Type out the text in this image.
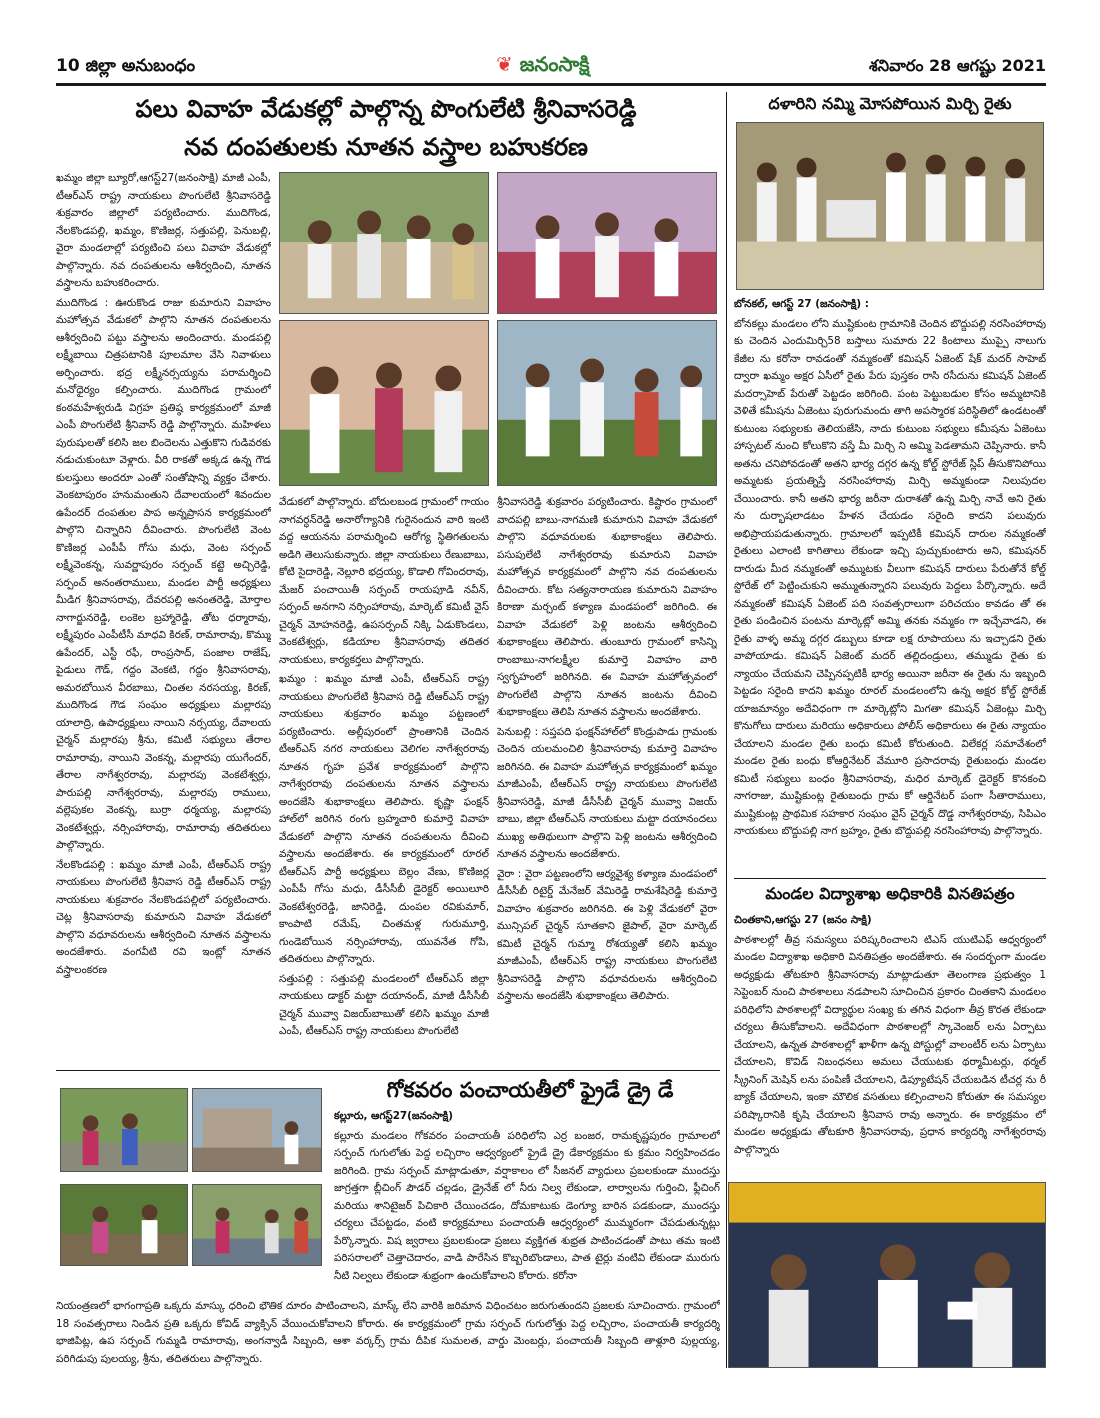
10 జిల్లా అనుబంధం	❦ జనంసాక్షి	శనివారం 28 ఆగష్టు 2021
పలు వివాహ వేడుకల్లో పాల్గొన్న పొంగులేటి శ్రీనివాసరెడ్డి
నవ దంపతులకు నూతన వస్త్రాల బహుకరణ

ఖమ్మం జిల్లా బ్యూరో,ఆగస్ట్27(జనంసాక్షి) మాజీ ఎంపీ, టీఆర్ఎస్ రాష్ట్ర నాయకులు పొంగులేటి శ్రీనివాసరెడ్డి శుక్రవారం జిల్లాలో పర్యటించారు. ముదిగొండ, నేలకొండపల్లి, ఖమ్మం, కొణిజర్ల, సత్తుపల్లి, పెనుబల్లి, వైరా మండలాల్లో పర్యటించి పలు వివాహ వేడుకల్లో పాల్గొన్నారు. నవ దంపతులను ఆశీర్వదించి, నూతన వస్త్రాలను బహుకరించారు.

ముదిగొండ : ఊరుకొండ రాజు కుమారుని వివాహం మహోత్సవ వేడుకలో పాల్గొని నూతన దంపతులను ఆశీర్వదించి పట్టు వస్త్రాలను అందించారు. మండపల్లి లక్ష్మీబాయి చిత్రపటానికి పూలమాల వేసి నివాళులు అర్పించారు. భద్ర లక్ష్మీనర్సయ్యను పరామర్శించి మనోధైర్యం కల్పించారు. ముదిగొండ గ్రామంలో కంఠమహేశ్వరుడి విగ్రహ ప్రతిష్ఠ కార్యక్రమంలో మాజీ ఎంపీ పొంగులేటి శ్రీనివాస్ రెడ్డి పాల్గొన్నారు. మహిళలు పురుషులతో కలిసి జల బిందెలను ఎత్తుకొని గుడివరకు నడుచుకుంటూ వెళ్లారు. వీరి రాకతో అక్కడ ఉన్న గౌడ కులస్తులు అందరూ ఎంతో సంతోషాన్ని వ్యక్తం చేశారు. వెంకటాపురం హనుమంతుని దేవాలయంలో శివందుల ఉపేందర్ దంపతుల పాప అన్నప్రాసన కార్యక్రమంలో పాల్గొని చిన్నారిని దీవించారు. పొంగులేటి వెంట కొణిజర్ల ఎంపీపీ గోసు మధు, వెంట సర్పంచ్ లక్ష్మీవెంకన్న, సువర్ణాపురం సర్పంచ్ కట్టె అచ్చిరెడ్డి, సర్పంచ్ అనంతరాములు, మండల పార్టీ అధ్యక్షులు మీడిగ శ్రీనివాసరావు, దేవరపల్లి అనంతరెడ్డి, మోర్తాల నాగార్జునరెడ్డి, లంకెల బ్రహ్మారెడ్డి, తోట ధర్మారావు, లక్ష్మీపురం ఎంపీటీసీ మాధవి కిరణ్, రామారావు, కొమ్ము ఉపేందర్, ఎస్టీ రఫీ, రాంప్రసాద్, పంజాల రాజేష్, పైడులు గౌడ్, గద్దం వెంకటి, గద్దం శ్రీనివాసరావు, అమరబోయిన వీరబాబు, చింతల నరసయ్య, కిరణ్, ముదిగొండ గౌడ సంఘం అధ్యక్షులు మల్లారపు యాలాద్రి, ఉపాధ్యక్షులు నాయిని నర్సయ్య, దేవాలయ చైర్మన్ మల్లారపు శ్రీను, కమిటీ సభ్యులు తేరాల రామారావు, నాయిని వెంకన్న, మల్లారపు యుగేందర్, తేరాల నాగేశ్వరరావు, మల్లారపు వెంకటేశ్వర్లు, పారుపల్లి నాగేశ్వరరావు, మల్లారపు రాములు, వల్లెపుకల వెంకన్న, బుర్రా ధర్మయ్య, మల్లారపు వెంకటేశ్వర్లు, నర్సింహారావు, రామారావు తదితరులు పాల్గొన్నారు.

నేలకొండపల్లి : ఖమ్మం మాజీ ఎంపీ, టీఆర్ఎస్ రాష్ట్ర నాయకులు పొంగులేటి శ్రీనివాస రెడ్డి టీఆర్ఎస్ రాష్ట్ర నాయకులు శుక్రవారం నేలకొండపల్లిలో పర్యటించారు. చెట్ల శ్రీనివాసరావు కుమారుని వివాహ వేడుకలో పాల్గొని వధూవరులను ఆశీర్వదించి నూతన వస్త్రాలను అందజేశారు. వంగవీటి రవి ఇంట్లో నూతన వస్త్రాలంకరణ

వేడుకలో పాల్గొన్నారు. బోదులబండ గ్రామంలో గాయం నాగవర్ధన్‌రెడ్డి అనారోగ్యానికి గురైనందున వారి ఇంటి వద్ద ఆయనను పరామర్శించి ఆరోగ్య స్థితిగతులను అడిగి తెలుసుకున్నారు. జిల్లా నాయకులు రేణుబాబు, కోటి సైదారెడ్డి, నెల్లూరి భద్రయ్య, కొడాలి గోవిందరావు, మేజర్ పంచాయితీ సర్పంచ్ రాయపూడి నవీన్, సర్పంచ్ అనగాని నర్సింహారావు, మార్కెట్ కమిటీ వైస్ చైర్మన్ మోహనరెడ్డి, ఉపసర్పంచ్ నిక్కి ఏడుకొండలు, వెంకటేశ్వర్లు, కడియాల శ్రీనివాసరావు తదితర నాయకులు, కార్యకర్తలు పాల్గొన్నారు.

ఖమ్మం : ఖమ్మం మాజీ ఎంపీ, టీఆర్ఎస్ రాష్ట్ర నాయకులు పొంగులేటి శ్రీనివాస రెడ్డి టీఆర్ఎస్ రాష్ట్ర నాయకులు శుక్రవారం ఖమ్మం పట్టణంలో పర్యటించారు. అల్లీపురంలో ప్రాంతానికి చెందిన టీఆర్ఎస్ నగర నాయకులు వెలిగల నాగేశ్వరరావు నూతన గృహ ప్రవేశ కార్యక్రమంలో పాల్గొని నాగేశ్వరరావు దంపతులను నూతన వస్త్రాలను అందజేసి శుభాకాంక్షలు తెలిపారు. కృష్ణా ఫంక్షన్ హాల్‌లో జరిగిన రంగు బ్రహ్మచారి కుమార్తె వివాహ వేడుకలో పాల్గొని నూతన దంపతులను దీవించి వస్త్రాలను అందజేశారు. ఈ కార్యక్రమంలో రూరల్ టీఆర్ఎస్ పార్టీ అధ్యక్షులు బెల్లం వేణు, కొణిజర్ల ఎంపీపీ గోసు మధు, డీసీసీబీ డైరెక్టర్ అయిలూరి వెంకటేశ్వరరెడ్డి, జానిరెడ్డి, దుంపల రవికుమార్, కాంపాటి రమేష్, చింతమళ్ల గురుమూర్తి, గుండెబోయిన నర్సింహారావు, యువనేత గోపి, తదితరులు పాల్గొన్నారు.

సత్తుపల్లి : సత్తుపల్లి మండలంలో టీఆర్ఎస్ జిల్లా నాయకులు డాక్టర్ మట్టా దయానంద్, మాజీ డీసీసీబీ చైర్మన్ మువ్వా విజయ్‌బాబుతో కలిసి ఖమ్మం మాజీ ఎంపీ, టీఆర్ఎస్ రాష్ట్ర నాయకులు పొంగులేటి

శ్రీనివాసరెడ్డి శుక్రవారం పర్యటించారు. కిష్టారం గ్రామంలో వాదపల్లి బాబు-నాగమణి కుమారుని వివాహ వేడుకలో పాల్గొని వధూవరులకు శుభాకాంక్షలు తెలిపారు. పసుపులేటి నాగేశ్వరరావు కుమారుని వివాహ మహోత్సవ కార్యక్రమంలో పాల్గొని నవ దంపతులను దీవించారు. కోట సత్యనారాయణ కుమారుని వివాహం కిరాణా మర్చంట్ కళ్యాణ మండపంలో జరిగింది. ఈ వివాహ వేడుకలో పెళ్లి జంటను ఆశీర్వదించి శుభాకాంక్షలు తెలిపారు. తుంబూరు గ్రామంలో కాసిన్ని రాంబాబు-నాగలక్ష్మీల కుమార్తె వివాహం వారి స్వగృహంలో జరిగినది. ఈ వివాహ మహోత్సవంలో పొంగులేటి పాల్గొని నూతన జంటను దీవించి శుభాకాంక్షలు తెలిపి నూతన వస్త్రాలను అందజేశారు.

పెనుబల్లి : సప్తపది ఫంక్షన్‌హాల్‌లో కొండ్రుపాడు గ్రామంకు చెందిన యలమంచిలి శ్రీనివాసరావు కుమార్తె వివాహం జరిగినది. ఈ వివాహ మహోత్సవ కార్యక్రమంలో ఖమ్మం మాజీఎంపీ, టీఆర్ఎస్ రాష్ట్ర నాయకులు పొంగులేటి శ్రీనివాసరెడ్డి, మాజీ డీసీసీబీ చైర్మన్ మువ్వా విజయ్ బాబు, జిల్లా టీఆర్ఎస్ నాయకులు మట్టా దయానందలు ముఖ్య అతిథులుగా పాల్గొని పెళ్లి జంటను ఆశీర్వదించి నూతన వస్త్రాలను అందజేశారు.

వైరా : వైరా పట్టణంలోని ఆర్యవైశ్య కళ్యాణ మండపంలో డీసీసీబీ రిటైర్డ్ మేనేజర్ వేమిరెడ్డి రామశేషిరెడ్డి కుమార్తె వివాహం శుక్రవారం జరిగినది. ఈ పెళ్లి వేడుకలో వైరా మున్సిపల్ చైర్మన్ సూతకాని జైపాల్, వైరా మార్కెట్ కమిటీ చైర్మన్ గుమ్మా రోశయ్యతో కలిసి ఖమ్మం మాజీఎంపీ, టీఆర్ఎస్ రాష్ట్ర నాయకులు పొంగులేటి శ్రీనివాసరెడ్డి పాల్గొని వధూవరులను ఆశీర్వదించి వస్త్రాలను అందజేసి శుభాకాంక్షలు తెలిపారు.

దళారిని నమ్మి మోసపోయిన మిర్చి రైతు

బోనకల్, ఆగస్ట్ 27 (జనంసాక్షి) :

బోనకల్లు మండలం లోని ముష్టికుంట గ్రామానికి చెందిన బొద్దుపల్లి నరసింహారావు కు చెందిన ఎందుమిర్చి58 బస్తాలు సుమారు 22 కింటాలు ముప్పై నాలుగు కేజీల ను కరోనా రావడంతో నమ్మకంతో కమిషన్ ఏజెంట్ షేక్ మదర్ సాహెబ్ ద్వారా ఖమ్మం అక్షర ఏసీలో రైతు పేరు పుస్తకం రాసి రసీదును కమిషన్ ఏజెంట్ మదర్సాహెబ్ పేరుతో పెట్టడం జరిగింది. పంట పెట్టుబడుల కోసం అమ్మటానికి వెళితే కమీషను ఏజెంటు పురుగుమందు తాగి అపస్మారక పరిస్థితిలో ఉండటంతో కుటుంబ సభ్యులకు తెలియజేసి, నాదు కుటుంబ సభ్యులు కమీషను ఏజెంటు హాస్పటల్ నుంచి కోలుకొని వస్తే మీ మిర్చి ని అమ్మి పెడతామని చెప్పినారు. కానీ అతను చనిపోవడంతో అతని భార్య దగ్గర ఉన్న కోల్డ్ స్టోరేజ్ స్లిప్ తీసుకొనిపోయి అమ్మటకు ప్రయత్నిస్తే నరసింహారావు మిర్చి అమ్మకుండా నిలుపుదల చేయించారు. కానీ అతని భార్య జరీనా దురాశతో ఉన్న మిర్చి నావే అని రైతు ను దుర్భాషలాడటం హేళన చేయడం సరైంది కాదని పలువురు అభిప్రాయపడుతున్నారు. గ్రామాలలో ఇప్పటికీ కమిషన్ దారుల నమ్మకంతో రైతులు ఎలాంటి కాగితాలు లేకుండా ఇచ్చి పుచ్చుకుంటారు అని, కమిషనర్ దారుడు మీద నమ్మకంతో అమ్ముటకు వీలుగా కమిషన్ దారులు పేరుతోనే కోల్డ్ స్టోరేజ్ లో పెట్టించుకుని అమ్ముతున్నారని పలువురు పెద్దలు పేర్కొన్నారు. అదే నమ్మకంతో కమిషన్ ఏజెంట్ పది సంవత్సరాలుగా పరిచయం కావడం తో ఈ రైతు పండించిన పంటను మార్కెట్లో అమ్మి తనకు నమ్మకం గా ఇచ్చేవాడని, ఈ రైతు వాళ్ళ అమ్మ దగ్గర డబ్బులు కూడా లక్ష రూపాయలు ను ఇచ్చాడని రైతు వాపోయాడు. కమిషన్ ఏజెంట్ మదర్ తల్లిదండ్రులు, తమ్ముడు రైతు కు న్యాయం చేయమని చెప్పినప్పటికీ భార్య అయినా జరీనా ఈ రైతు ను ఇబ్బంది పెట్టడం సరైంది కాదని ఖమ్మం రూరల్ మండలంలోని ఉన్న అక్షర కోల్డ్ స్టోరేజ్ యాజమాన్యం అదేవిధంగా గా మార్కెట్లోని మిగతా కమిషన్ ఏజెంట్లు మిర్చి కొనుగోలు దారులు మరియు అధికారులు పోలీస్ అధికారులు ఈ రైతు న్యాయం చేయాలని మండల రైతు బంధు కమిటీ కోరుతుంది. విలేకర్ల సమావేశంలో మండల రైతు బంధు కోఆర్డినేటర్ వేమూరి ప్రసాదరావు రైతుబంధు మండల కమిటీ సభ్యులు బంధం శ్రీనివాసరావు, మధిర మార్కెట్ డైరెక్టర్ కొనకంచి నాగరాజు, ముష్టికుంట్ల రైతుబంధు గ్రామ కో ఆర్డినేటర్ పంగా సీతారాములు, ముష్టికుంట్ల ప్రాథమిక సహకార సంఘం వైస్ చైర్మన్ దొడ్డ నాగేశ్వరరావు, సిపిఎం నాయకులు బొద్దుపల్లి నాగ బ్రహ్మం, రైతు బొద్దుపల్లి నరసింహారావు పాల్గొన్నారు.

మండల విద్యాశాఖ అధికారికి వినతిపత్రం

చింతకాని,ఆగస్టు 27 (జనం సాక్షి)

పాఠశాలల్లో తీవ్ర సమస్యలు పరిష్కరించాలని టిఎస్ యుటిఎఫ్ ఆధ్వర్యంలో మండల విద్యాశాఖ అధికారి వినతిపత్రం అందజేశారు. ఈ సందర్భంగా మండల అధ్యక్షుడు తోటకూరి శ్రీనివాసరావు మాట్లాడుతూ తెలంగాణ ప్రభుత్వం 1 సెప్టెంబర్ నుంచి పాఠశాలలు నడపాలని సూచించిన ప్రకారం చింతకాని మండలం పరిధిలోని పాఠశాలల్లో విద్యార్థుల సంఖ్య కు తగిన విధంగా తీవ్ర కొరత లేకుండా చర్యలు తీసుకోవాలని. అదేవిధంగా పాఠశాలల్లో స్కావెంజర్ లను ఏర్పాటు చేయాలని, ఉన్నత పాఠశాలల్లో ఖాళీగా ఉన్న పోస్టుల్లో వాలంటీర్ లను ఏర్పాటు చేయాలని, కొవిడ్ నిబంధనలు అమలు చేయుటకు థర్మామీటర్లు, థర్మల్ స్క్రీనింగ్ మెషిన్ లను పంపిణీ చేయాలని, డిప్యూటేషన్ చేయబడిన టీచర్ల ను రీ బ్యాక్ చేయాలని, ఇంకా మౌలిక వసతులు కల్పించాలని కోరుతూ ఈ సమస్యల పరిష్కారానికి కృషి చేయాలని శ్రీనివాస రావు అన్నారు. ఈ కార్యక్రమం లో మండల అధ్యక్షుడు తోటకూరి శ్రీనివాసరావు, ప్రధాన కార్యదర్శి నాగేశ్వరరావు పాల్గొన్నారు

గోకవరం పంచాయతీలో ఫ్రైడే డ్రై డే

కల్లూరు, ఆగస్ట్27(జనంసాక్షి)

కల్లూరు మండలం గోకవరం పంచాయతీ పరిధిలోని ఎర్ర బంజర, రామకృష్ణపురం గ్రామాలలో సర్పంచ్ గుగులోతు పెద్ద లచ్చిరాం ఆధ్వర్యంలో ఫ్రైడే డ్రై డేకార్యక్రమం కు క్రమం నిర్వహించడం జరిగింది. గ్రామ సర్పంచ్ మాట్లాడుతూ, వర్షాకాలం లో సీజనల్ వ్యాధులు ప్రబలకుండా ముందస్తు జాగ్రత్తగా బ్లీచింగ్ పౌడర్ చల్లడం, డ్రైనేజ్ లో నీరు నిల్వ లేకుండా, లార్వాలను గుర్తించి, ఫ్లీచింగ్ మరియు శానిటైజర్ పిచికారి చేయించడం, దోమకాటుకు డెంగ్యూ బారిన పడకుండా, ముందస్తు చర్యలు చేపట్టడం, వంటి కార్యక్రమాలు పంచాయతీ ఆధ్వర్యంలో ముమ్మరంగా చేపడుతున్నట్లు పేర్కొన్నారు. విష జ్వరాలు ప్రబలకుండా ప్రజలు వ్యక్తిగత శుభ్రత పాటించడంతో పాటు తమ ఇంటి పరిసరాలలో చెత్తాచెదారం, వాడి పారేసిన కొబ్బరిబొండాలు, పాత టైర్లు వంటివి లేకుండా మురుగు నీటి నిల్వలు లేకుండా శుభ్రంగా ఉంచుకోవాలని కోరారు. కరోనా

నియంత్రణలో భాగంగాప్రతి ఒక్కరు మాస్కు ధరించి భౌతిక దూరం పాటించాలని, మాస్క్ లేని వారికి జరిమాన విధించటం జరుగుతుందని ప్రజలకు సూచించారు. గ్రామంలో 18 సంవత్సరాలు నిండిన ప్రతి ఒక్కరు కోవిడ్ వ్యాక్సిన్ వేయించుకోవాలని కోరారు. ఈ కార్యక్రమంలో గ్రామ సర్పంచ్ గుగులోత్తు పెద్ద లచ్చిరాం, పంచాయతీ కార్యదర్శి భాజిపిట్ల, ఉప సర్పంచ్ గుమ్మడి రామారావు, అంగన్వాడీ సిబ్బంది, ఆశా వర్కర్స్ గ్రామ దీపిక సుమలత, వార్డు మెంబర్లు, పంచాయతీ సిబ్బంది తాళ్లూరి పుల్లయ్య, పరిగిడుపు పులయ్య, శ్రీను, తదితరులు పాల్గొన్నారు.
